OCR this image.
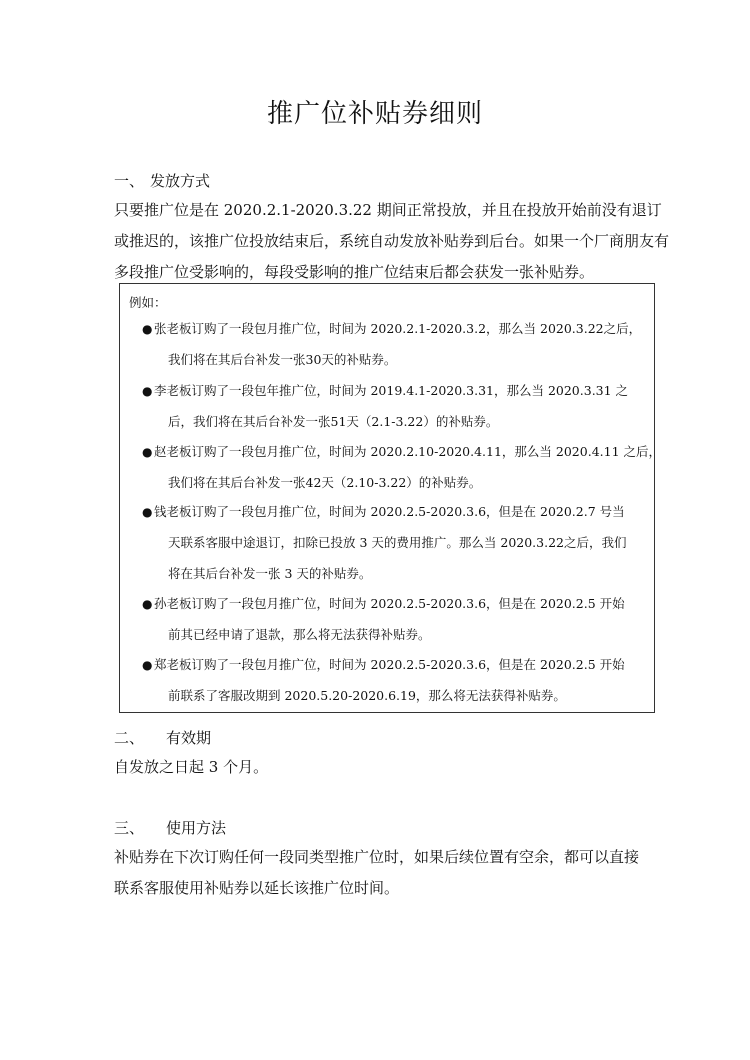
推广位补贴券细则
一、 发放方式
只要推广位是在 2020.2.1-2020.3.22 期间正常投放，并且在投放开始前没有退订
或推迟的，该推广位投放结束后，系统自动发放补贴券到后台。如果一个厂商朋友有
多段推广位受影响的，每段受影响的推广位结束后都会获发一张补贴券。
例如：
● 张老板订购了一段包月推广位，时间为 2020.2.1-2020.3.2，那么当 2020.3.22之后，
我们将在其后台补发一张30天的补贴券。
● 李老板订购了一段包年推广位，时间为 2019.4.1-2020.3.31，那么当 2020.3.31 之
后，我们将在其后台补发一张51天（2.1-3.22）的补贴券。
● 赵老板订购了一段包月推广位，时间为 2020.2.10-2020.4.11，那么当 2020.4.11 之后，
我们将在其后台补发一张42天（2.10-3.22）的补贴券。
● 钱老板订购了一段包月推广位，时间为 2020.2.5-2020.3.6，但是在 2020.2.7 号当
天联系客服中途退订，扣除已投放 3 天的费用推广。那么当 2020.3.22之后，我们
将在其后台补发一张 3 天的补贴券。
● 孙老板订购了一段包月推广位，时间为 2020.2.5-2020.3.6，但是在 2020.2.5 开始
前其已经申请了退款，那么将无法获得补贴券。
● 郑老板订购了一段包月推广位，时间为 2020.2.5-2020.3.6，但是在 2020.2.5 开始
前联系了客服改期到 2020.5.20-2020.6.19，那么将无法获得补贴券。
二、 有效期
自发放之日起 3 个月。
三、 使用方法
补贴券在下次订购任何一段同类型推广位时，如果后续位置有空余，都可以直接
联系客服使用补贴券以延长该推广位时间。
